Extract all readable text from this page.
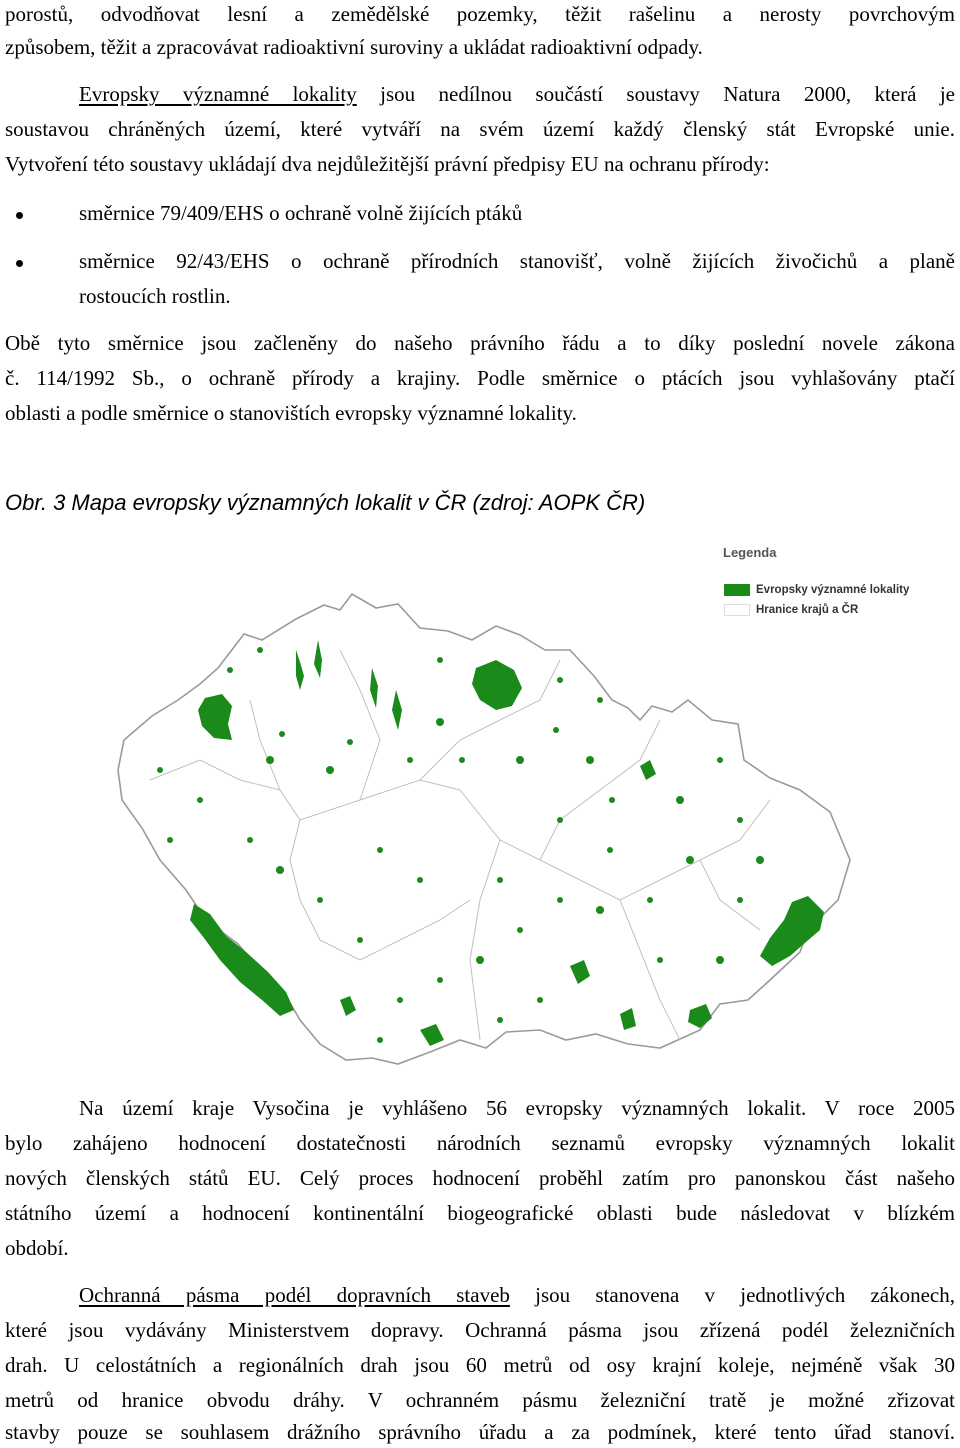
porostů, odvodňovat lesní a zemědělské pozemky, těžit rašelinu a nerosty povrchovým
způsobem, těžit a zpracovávat radioaktivní suroviny a ukládat radioaktivní odpady.
Evropsky významné lokality jsou nedílnou součástí soustavy Natura 2000, která je
soustavou chráněných území, které vytváří na svém území každý členský stát Evropské unie.
Vytvoření této soustavy ukládají dva nejdůležitější právní předpisy EU na ochranu přírody:
směrnice 79/409/EHS o ochraně volně žijících ptáků
směrnice 92/43/EHS o ochraně přírodních stanovišť, volně žijících živočichů a planě
rostoucích rostlin.
Obě tyto směrnice jsou začleněny do našeho právního řádu a to díky poslední novele zákona
č. 114/1992 Sb., o ochraně přírody a krajiny. Podle směrnice o ptácích jsou vyhlašovány ptačí
oblasti a podle směrnice o stanovištích evropsky významné lokality.
Obr. 3 Mapa evropsky významných lokalit v ČR (zdroj: AOPK ČR)
Legenda
Evropsky významné lokality
Hranice krajů a ČR
Na území kraje Vysočina je vyhlášeno 56 evropsky významných lokalit. V roce 2005
bylo zahájeno hodnocení dostatečnosti národních seznamů evropsky významných lokalit
nových členských států EU. Celý proces hodnocení proběhl zatím pro panonskou část našeho
státního území a hodnocení kontinentální biogeografické oblasti bude následovat v blízkém
období.
Ochranná pásma podél dopravních staveb jsou stanovena v jednotlivých zákonech,
které jsou vydávány Ministerstvem dopravy. Ochranná pásma jsou zřízená podél železničních
drah. U celostátních a regionálních drah jsou 60 metrů od osy krajní koleje, nejméně však 30
metrů od hranice obvodu dráhy. V ochranném pásmu železniční tratě je možné zřizovat
stavby pouze se souhlasem drážního správního úřadu a za podmínek, které tento úřad stanoví.
